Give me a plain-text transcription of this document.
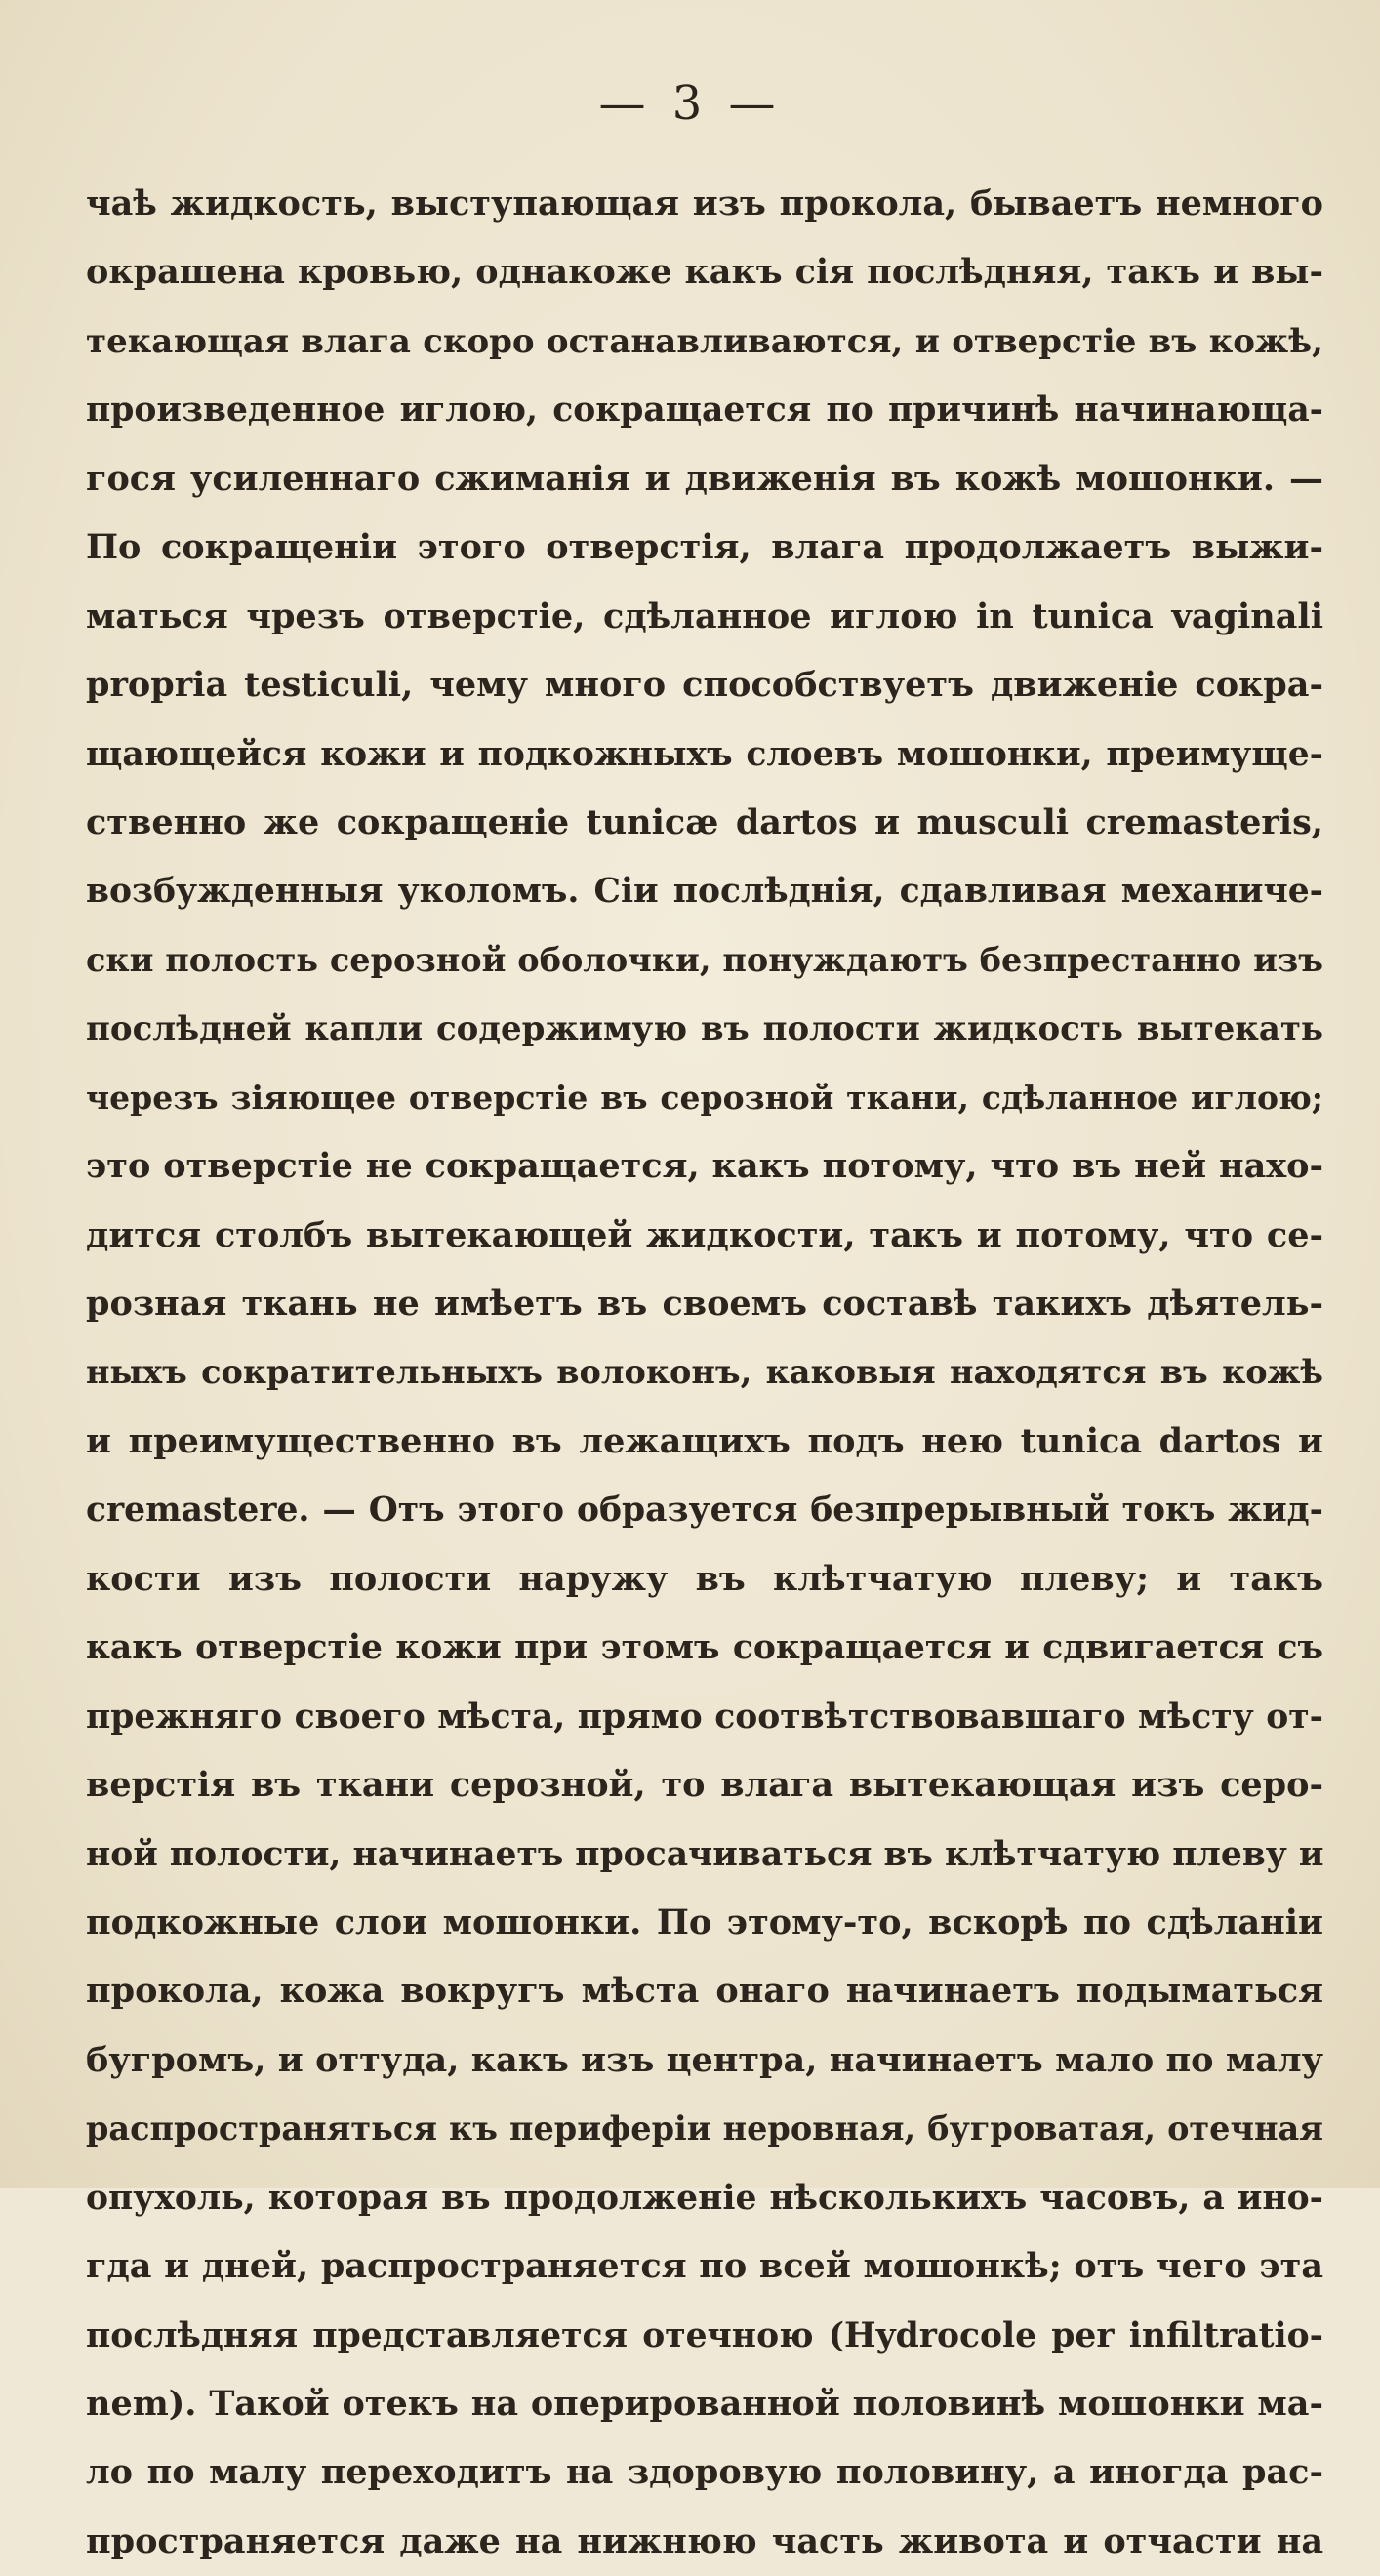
— 3 —
чаѣ жидкость, выступающая изъ прокола, бываетъ немного
окрашена кровью, однакоже какъ сія послѣдняя, такъ и вы-
текающая влага скоро останавливаются, и отверстіе въ кожѣ,
произведенное иглою, сокращается по причинѣ начинающа-
гося усиленнаго сжиманія и движенія въ кожѣ мошонки. —
По сокращеніи этого отверстія, влага продолжаетъ выжи-
маться чрезъ отверстіе, сдѣланное иглою in tunica vaginali
propria testiculi, чему много способствуетъ движеніе сокра-
щающейся кожи и подкожныхъ слоевъ мошонки, преимуще-
ственно же сокращеніе tunicæ dartos и musculi cremasteris,
возбужденныя уколомъ. Сіи послѣднія, сдавливая механиче-
ски полость серозной оболочки, понуждаютъ безпрестанно изъ
послѣдней капли содержимую въ полости жидкость вытекать
черезъ зіяющее отверстіе въ серозной ткани, сдѣланное иглою;
это отверстіе не сокращается, какъ потому, что въ ней нахо-
дится столбъ вытекающей жидкости, такъ и потому, что се-
розная ткань не имѣетъ въ своемъ составѣ такихъ дѣятель-
ныхъ сократительныхъ волоконъ, каковыя находятся въ кожѣ
и преимущественно въ лежащихъ подъ нею tunica dartos и
cremastere. — Отъ этого образуется безпрерывный токъ жид-
кости изъ полости наружу въ клѣтчатую плеву; и такъ
какъ отверстіе кожи при этомъ сокращается и сдвигается съ
прежняго своего мѣста, прямо соотвѣтствовавшаго мѣсту от-
верстія въ ткани серозной, то влага вытекающая изъ серо-
ной полости, начинаетъ просачиваться въ клѣтчатую плеву и
подкожные слои мошонки. По этому-то, вскорѣ по сдѣланіи
прокола, кожа вокругъ мѣста онаго начинаетъ подыматься
бугромъ, и оттуда, какъ изъ центра, начинаетъ мало по малу
распространяться къ периферіи неровная, бугроватая, отечная
опухоль, которая въ продолженіе нѣсколькихъ часовъ, а ино-
гда и дней, распространяется по всей мошонкѣ; отъ чего эта
послѣдняя представляется отечною (Hydrocole per infiltratio-
nem). Такой отекъ на оперированной половинѣ мошонки ма-
ло по малу переходитъ на здоровую половину, а иногда рас-
пространяется даже на нижнюю часть живота и отчасти на
